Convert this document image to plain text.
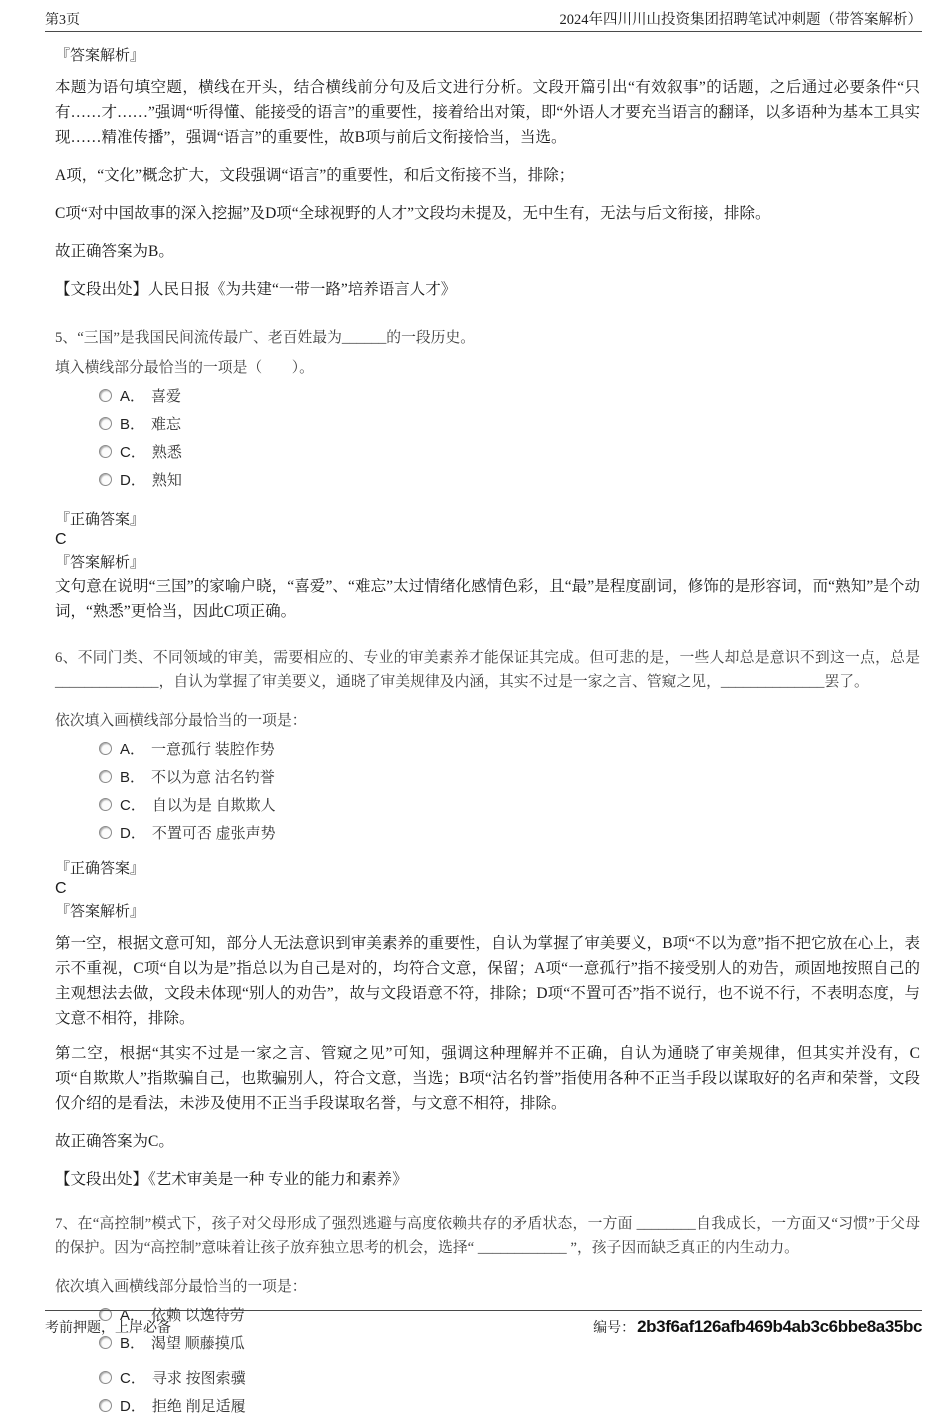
第3页	2024年四川川山投资集团招聘笔试冲刺题（带答案解析）
『答案解析』

本题为语句填空题，横线在开头，结合横线前分句及后文进行分析。文段开篇引出“有效叙事”的话题，之后通过必要条件“只有……才……”强调“听得懂、能接受的语言”的重要性，接着给出对策，即“外语人才要充当语言的翻译，以多语种为基本工具实现……精准传播”，强调“语言”的重要性，故B项与前后文衔接恰当，当选。

A项，“文化”概念扩大，文段强调“语言”的重要性，和后文衔接不当，排除；

C项“对中国故事的深入挖掘”及D项“全球视野的人才”文段均未提及，无中生有，无法与后文衔接，排除。

故正确答案为B。

【文段出处】人民日报《为共建“一带一路”培养语言人才》

5、“三国”是我国民间流传最广、老百姓最为______的一段历史。

填入横线部分最恰当的一项是（　　）。

A． 喜爱
B． 难忘
C． 熟悉
D． 熟知
『正确答案』
C
『答案解析』

文句意在说明“三国”的家喻户晓，“喜爱”、“难忘”太过情绪化感情色彩，且“最”是程度副词，修饰的是形容词，而“熟知”是个动词，“熟悉”更恰当，因此C项正确。

6、不同门类、不同领域的审美，需要相应的、专业的审美素养才能保证其完成。但可悲的是，一些人却总是意识不到这一点，总是______________，自认为掌握了审美要义，通晓了审美规律及内涵，其实不过是一家之言、管窥之见，______________罢了。

依次填入画横线部分最恰当的一项是：

A． 一意孤行 装腔作势
B． 不以为意 沽名钓誉
C． 自以为是 自欺欺人
D． 不置可否 虚张声势
『正确答案』
C
『答案解析』

第一空，根据文意可知，部分人无法意识到审美素养的重要性，自认为掌握了审美要义，B项“不以为意”指不把它放在心上，表示不重视，C项“自以为是”指总以为自己是对的，均符合文意，保留；A项“一意孤行”指不接受别人的劝告，顽固地按照自己的主观想法去做，文段未体现“别人的劝告”，故与文段语意不符，排除；D项“不置可否”指不说行，也不说不行，不表明态度，与文意不相符，排除。

第二空，根据“其实不过是一家之言、管窥之见”可知，强调这种理解并不正确，自认为通晓了审美规律，但其实并没有，C项“自欺欺人”指欺骗自己，也欺骗别人，符合文意，当选；B项“沽名钓誉”指使用各种不正当手段以谋取好的名声和荣誉，文段仅介绍的是看法，未涉及使用不正当手段谋取名誉，与文意不相符，排除。

故正确答案为C。

【文段出处】《艺术审美是一种 专业的能力和素养》

7、在“高控制”模式下，孩子对父母形成了强烈逃避与高度依赖共存的矛盾状态，一方面 ________自我成长，一方面又“习惯”于父母的保护。因为“高控制”意味着让孩子放弃独立思考的机会，选择“ ____________ ”，孩子因而缺乏真正的内生动力。

依次填入画横线部分最恰当的一项是：

A． 依赖 以逸待劳
B． 渴望 顺藤摸瓜
C． 寻求 按图索骥
D． 拒绝 削足适履
考前押题，上岸必备	编号： 2b3f6af126afb469b4ab3c6bbe8a35bc
